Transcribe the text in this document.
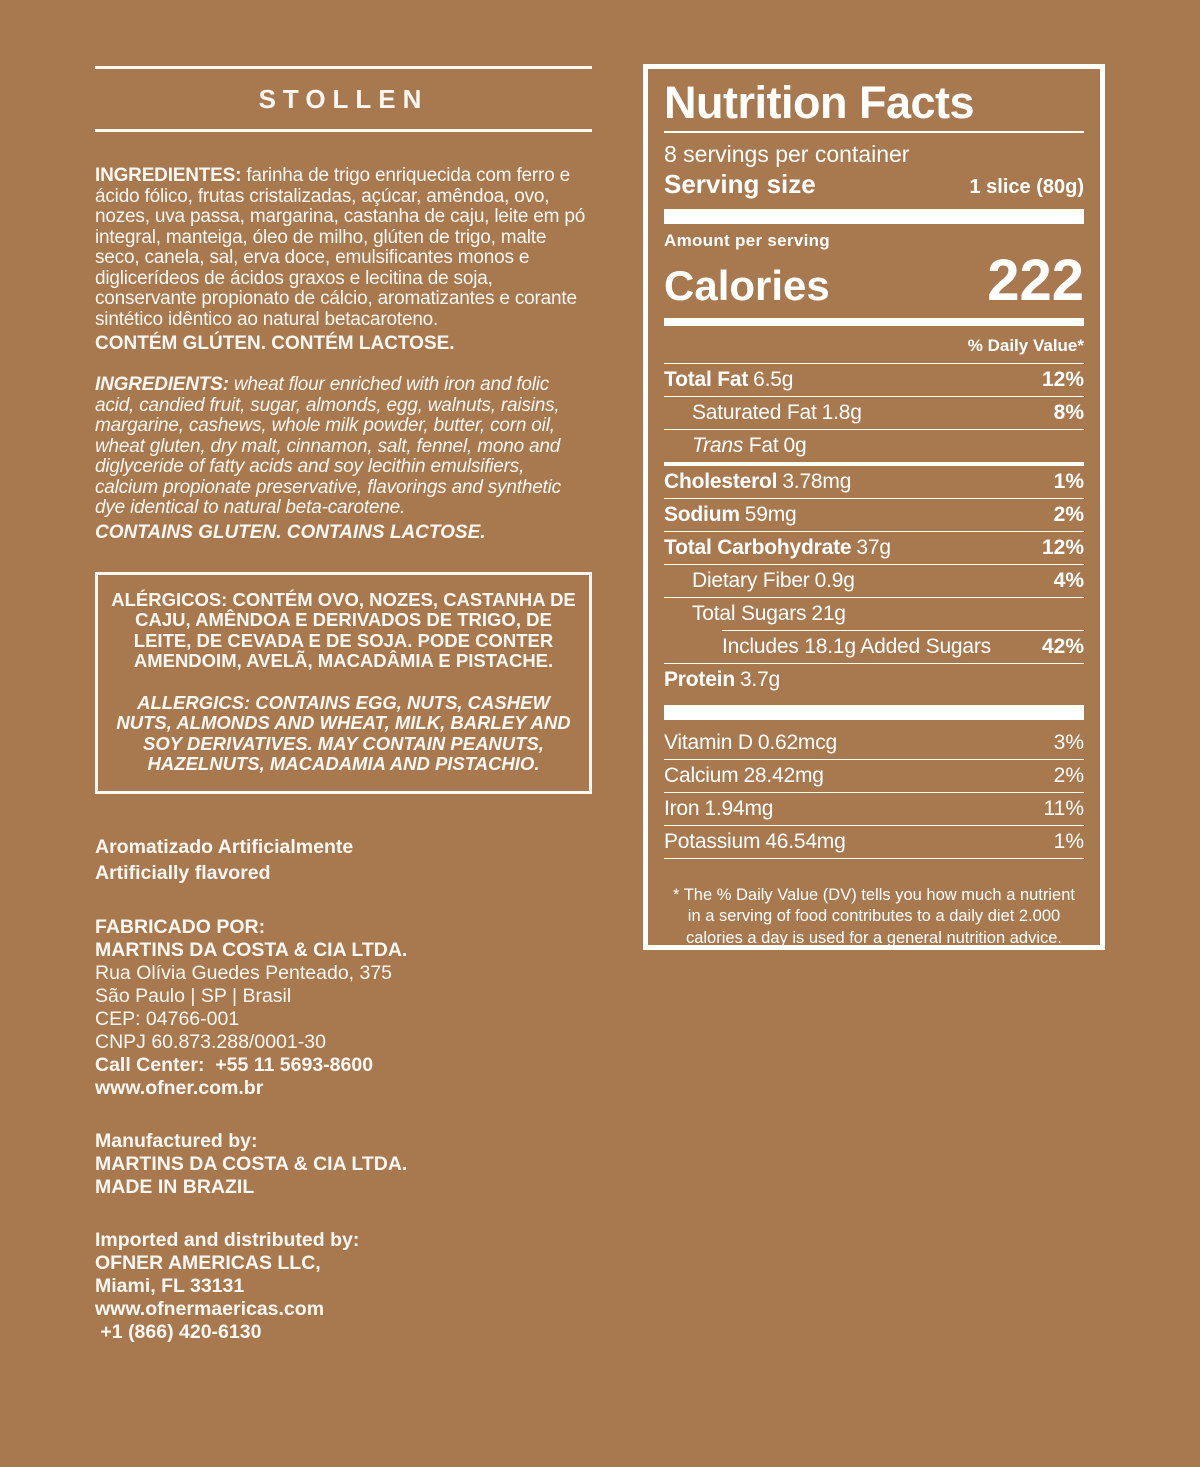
STOLLEN

INGREDIENTES: farinha de trigo enriquecida com ferro e ácido fólico, frutas cristalizadas, açúcar, amêndoa, ovo, nozes, uva passa, margarina, castanha de caju, leite em pó integral, manteiga, óleo de milho, glúten de trigo, malte seco, canela, sal, erva doce, emulsificantes monos e diglicerídeos de ácidos graxos e lecitina de soja, conservante propionato de cálcio, aromatizantes e corante sintético idêntico ao natural betacaroteno.

CONTÉM GLÚTEN. CONTÉM LACTOSE.

INGREDIENTS: wheat flour enriched with iron and folic acid, candied fruit, sugar, almonds, egg, walnuts, raisins, margarine, cashews, whole milk powder, butter, corn oil, wheat gluten, dry malt, cinnamon, salt, fennel, mono and diglyceride of fatty acids and soy lecithin emulsifiers, calcium propionate preservative, flavorings and synthetic dye identical to natural beta-carotene.

CONTAINS GLUTEN. CONTAINS LACTOSE.
ALÉRGICOS: CONTÉM OVO, NOZES, CASTANHA DE CAJU, AMÊNDOA E DERIVADOS DE TRIGO, DE LEITE, DE CEVADA E DE SOJA. PODE CONTER AMENDOIM, AVELÃ, MACADÂMIA E PISTACHE.
ALLERGICS: CONTAINS EGG, NUTS, CASHEW NUTS, ALMONDS AND WHEAT, MILK, BARLEY AND SOY DERIVATIVES. MAY CONTAIN PEANUTS, HAZELNUTS, MACADAMIA AND PISTACHIO.
Aromatizado Artificialmente
Artificially flavored
FABRICADO POR:
MARTINS DA COSTA & CIA LTDA.
Rua Olívia Guedes Penteado, 375
São Paulo | SP | Brasil
CEP: 04766-001
CNPJ 60.873.288/0001-30
Call Center:  +55 11 5693-8600
www.ofner.com.br
Manufactured by:
MARTINS DA COSTA & CIA LTDA.
MADE IN BRAZIL
Imported and distributed by:
OFNER AMERICAS LLC,
Miami, FL 33131
www.ofnermaericas.com
+1 (866) 420-6130
Nutrition Facts
8 servings per container
Serving size	1 slice (80g)
Amount per serving
Calories	222
% Daily Value*
Total Fat 6.5g	12%
Saturated Fat 1.8g	8%
Trans Fat 0g
Cholesterol 3.78mg	1%
Sodium 59mg	2%
Total Carbohydrate 37g	12%
Dietary Fiber 0.9g	4%
Total Sugars 21g
Includes 18.1g Added Sugars 42%
Protein 3.7g
Vitamin D 0.62mcg	3%
Calcium 28.42mg	2%
Iron 1.94mg	11%
Potassium 46.54mg	1%
* The % Daily Value (DV) tells you how much a nutrient in a serving of food contributes to a daily diet 2.000 calories a day is used for a general nutrition advice.
